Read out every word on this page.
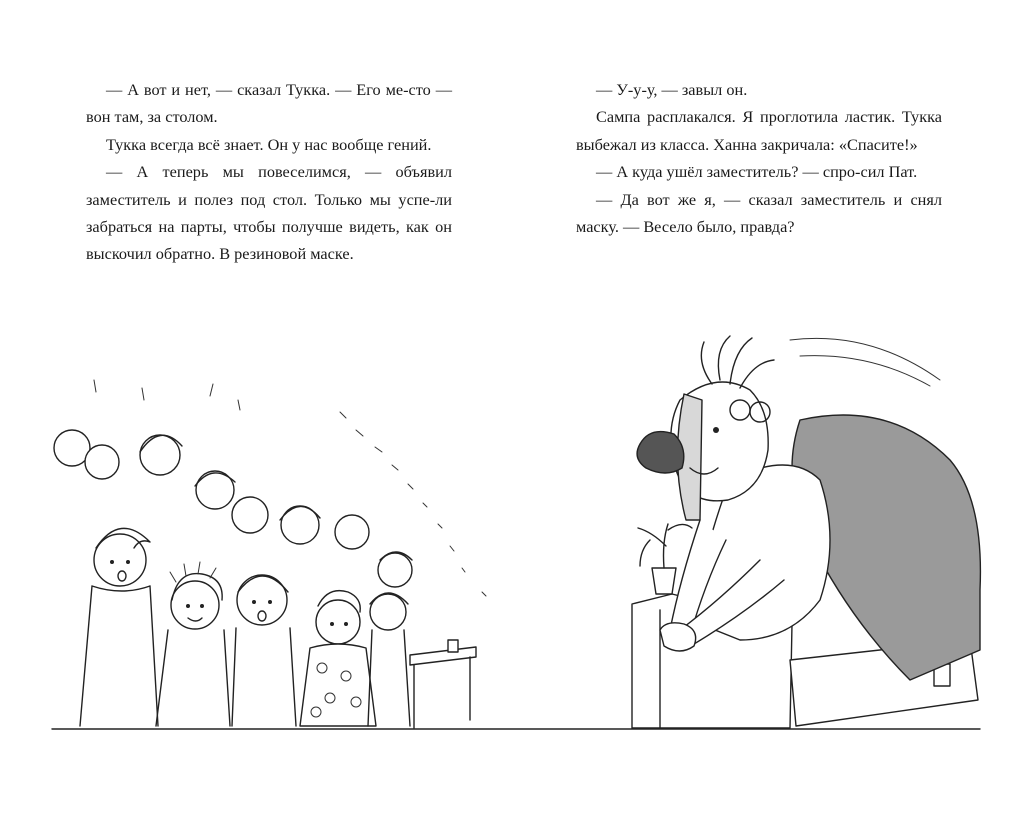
— А вот и нет, — сказал Тукка. — Его ме-сто — вон там, за столом.

Тукка всегда всё знает. Он у нас вообще гений.

— А теперь мы повеселимся, — объявил заместитель и полез под стол. Только мы успе-ли забраться на парты, чтобы получше видеть, как он выскочил обратно. В резиновой маске.

— У-у-у, — завыл он.

Сампа расплакался. Я проглотила ластик. Тукка выбежал из класса. Ханна закричала: «Спасите!»

— А куда ушёл заместитель? — спро-сил Пат.

— Да вот же я, — сказал заместитель и снял маску. — Весело было, правда?
